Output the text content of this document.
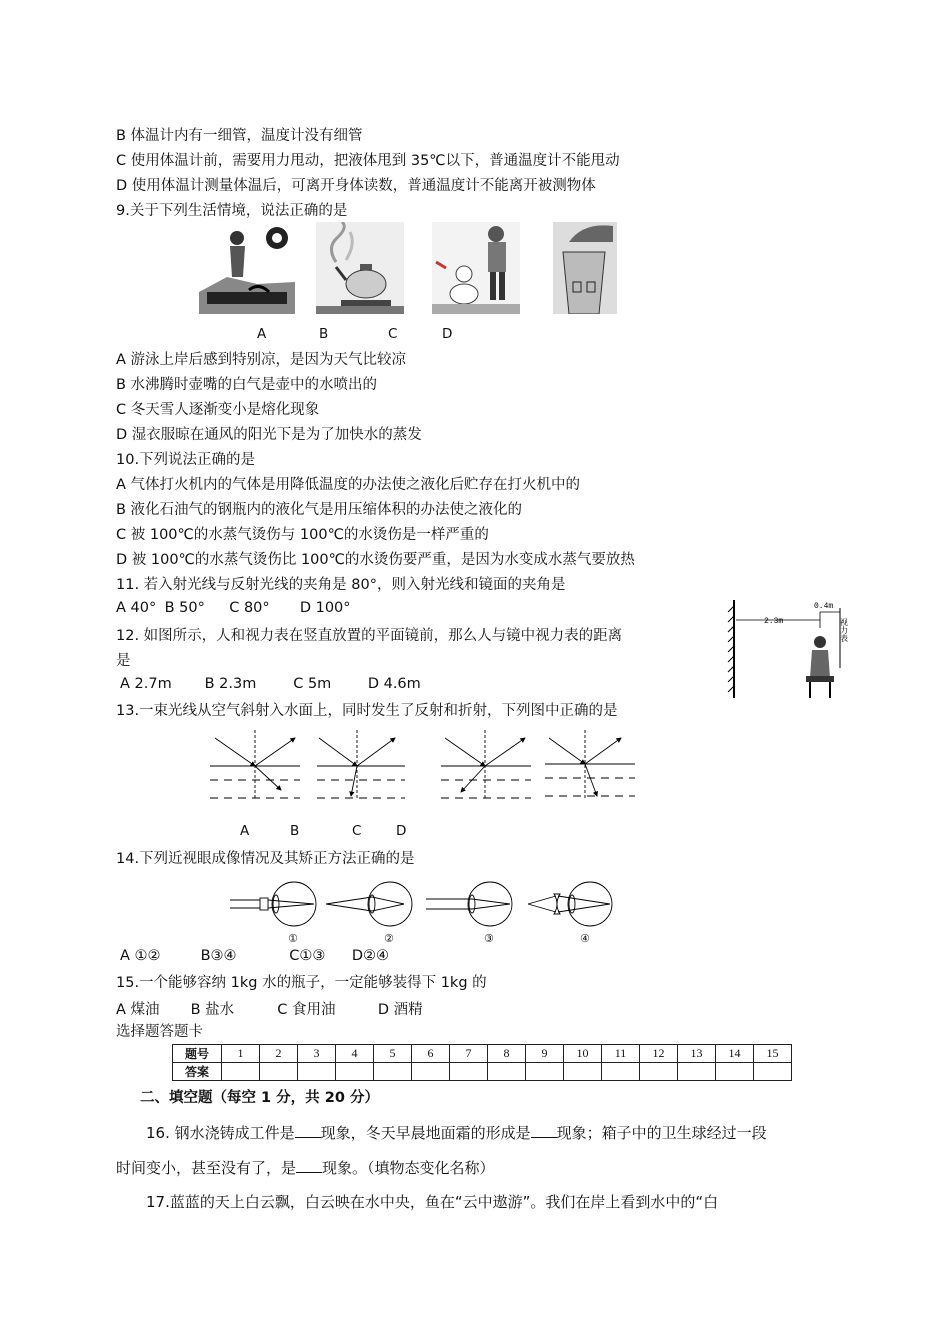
B 体温计内有一细管，温度计没有细管
C 使用体温计前，需要用力甩动，把液体甩到 35℃以下，普通温度计不能甩动
D 使用体温计测量体温后，可离开身体读数，普通温度计不能离开被测物体
9.关于下列生活情境，说法正确的是
A	B	C	D
A 游泳上岸后感到特别凉，是因为天气比较凉
B 水沸腾时壶嘴的白气是壶中的水喷出的
C 冬天雪人逐渐变小是熔化现象
D 湿衣服晾在通风的阳光下是为了加快水的蒸发
10.下列说法正确的是
A 气体打火机内的气体是用降低温度的办法使之液化后贮存在打火机中的
B 液化石油气的钢瓶内的液化气是用压缩体积的办法使之液化的
C 被 100℃的水蒸气烫伤与 100℃的水烫伤是一样严重的
D 被 100℃的水蒸气烫伤比 100℃的水烫伤要严重，是因为水变成水蒸气要放热
11. 若入射光线与反射光线的夹角是 80°，则入射光线和镜面的夹角是
A 40° B 50° C 80° D 100°
12. 如图所示，人和视力表在竖直放置的平面镜前，那么人与镜中视力表的距离
是
A 2.7m B 2.3m	C 5m	D 4.6m
2.3m
0.4m
视力表
13.一束光线从空气斜射入水面上，同时发生了反射和折射，下列图中正确的是
A	B	C	D
14.下列近视眼成像情况及其矫正方法正确的是
①	②	③	④
A ①②	B③④	C①③ D②④
15.一个能够容纳 1kg 水的瓶子，一定能够装得下 1kg 的
A 煤油 B 盐水	C 食用油	D 酒精
选择题答题卡
题号	1	2	3	4	5	6	7	8	9	10	11	12	13	14	15
答案															
二、填空题（每空 1 分，共 20 分）
16. 钢水浇铸成工件是 现象，冬天早晨地面霜的形成是 现象；箱子中的卫生球经过一段
时间变小，甚至没有了，是 现象。（填物态变化名称）
17.蓝蓝的天上白云飘，白云映在水中央，鱼在“云中遨游”。我们在岸上看到水中的“白
